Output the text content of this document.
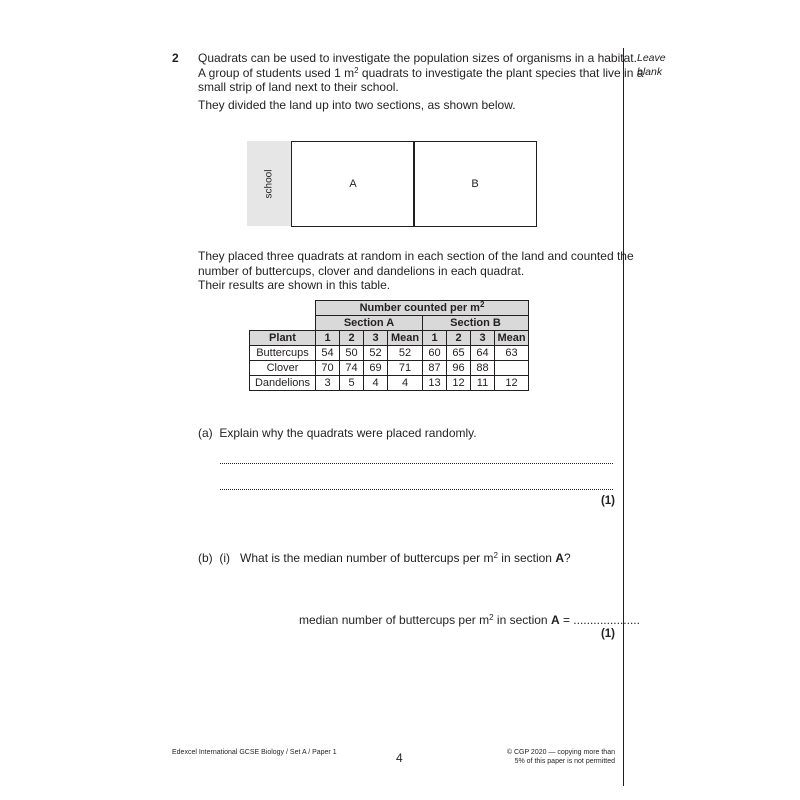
Leave
blank
2 Quadrats can be used to investigate the population sizes of organisms in a habitat.
A group of students used 1 $m^2$ quadrats to investigate the plant species that live in a
small strip of land next to their school.
They divided the land up into two sections, as shown below.
school	A	B
They placed three quadrats at random in each section of the land and counted the
number of buttercups, clover and dandelions in each quadrat.
Their results are shown in this table.
	Number counted per $m^2$
	Section A				Section B			
Plant	1	2	3	Mean	1	2	3	Mean
Buttercups	54	50	52	52	60	65	64	63
Clover	70	74	69	71	87	96	88	
Dandelions	3	5	4	4	13	12	11	12
(a) Explain why the quadrats were placed randomly.
(1)
(b) (i) What is the median number of buttercups per $m^2$ in section A?
median number of buttercups per $m^2$ in section A = ....................
(1)
Edexcel International GCSE Biology / Set A / Paper 1	4	© CGP 2020 — copying more than
5% of this paper is not permitted
